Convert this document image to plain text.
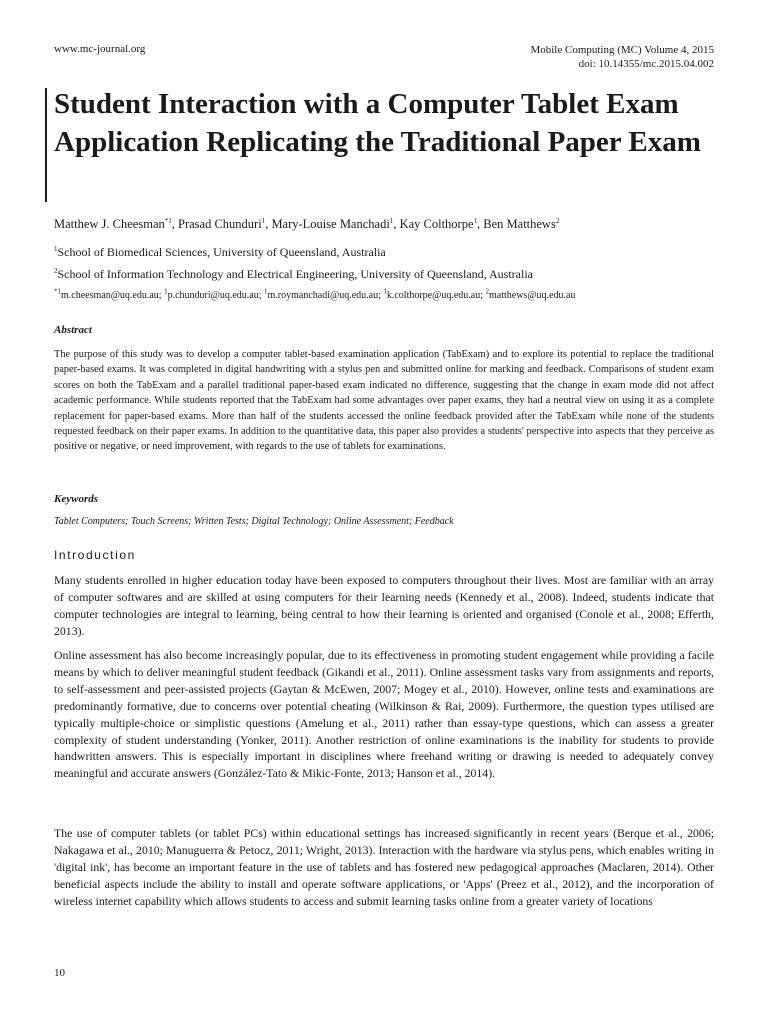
www.mc-journal.org	Mobile Computing (MC) Volume 4, 2015
doi: 10.14355/mc.2015.04.002
Student Interaction with a Computer Tablet Exam Application Replicating the Traditional Paper Exam
Matthew J. Cheesman$^{*1}$, Prasad Chunduri$^1$, Mary-Louise Manchadi$^1$, Kay Colthorpe$^1$, Ben Matthews$^2$
$^1$School of Biomedical Sciences, University of Queensland, Australia
$^2$School of Information Technology and Electrical Engineering, University of Queensland, Australia
$^{*1}$m.cheesman@uq.edu.au; $^1$p.chunduri@uq.edu.au; $^1$m.roymanchadi@uq.edu.au; $^1$k.colthorpe@uq.edu.au; $^2$matthews@uq.edu.au
Abstract

The purpose of this study was to develop a computer tablet-based examination application (TabExam) and to explore its potential to replace the traditional paper-based exams. It was completed in digital handwriting with a stylus pen and submitted online for marking and feedback. Comparisons of student exam scores on both the TabExam and a parallel traditional paper-based exam indicated no difference, suggesting that the change in exam mode did not affect academic performance. While students reported that the TabExam had some advantages over paper exams, they had a neutral view on using it as a complete replacement for paper-based exams. More than half of the students accessed the online feedback provided after the TabExam while none of the students requested feedback on their paper exams. In addition to the quantitative data, this paper also provides a students' perspective into aspects that they perceive as positive or negative, or need improvement, with regards to the use of tablets for examinations.

Keywords
Tablet Computers; Touch Screens; Written Tests; Digital Technology; Online Assessment; Feedback
Introduction

Many students enrolled in higher education today have been exposed to computers throughout their lives. Most are familiar with an array of computer softwares and are skilled at using computers for their learning needs (Kennedy et al., 2008). Indeed, students indicate that computer technologies are integral to learning, being central to how their learning is oriented and organised (Conole et al., 2008; Efferth, 2013).

Online assessment has also become increasingly popular, due to its effectiveness in promoting student engagement while providing a facile means by which to deliver meaningful student feedback (Gikandi et al., 2011). Online assessment tasks vary from assignments and reports, to self-assessment and peer-assisted projects (Gaytan & McEwen, 2007; Mogey et al., 2010). However, online tests and examinations are predominantly formative, due to concerns over potential cheating (Wilkinson & Rai, 2009). Furthermore, the question types utilised are typically multiple-choice or simplistic questions (Amelung et al., 2011) rather than essay-type questions, which can assess a greater complexity of student understanding (Yonker, 2011). Another restriction of online examinations is the inability for students to provide handwritten answers. This is especially important in disciplines where freehand writing or drawing is needed to adequately convey meaningful and accurate answers (González-Tato & Mikic-Fonte, 2013; Hanson et al., 2014).

The use of computer tablets (or tablet PCs) within educational settings has increased significantly in recent years (Berque et al., 2006; Nakagawa et al., 2010; Manuguerra & Petocz, 2011; Wright, 2013). Interaction with the hardware via stylus pens, which enables writing in 'digital ink', has become an important feature in the use of tablets and has fostered new pedagogical approaches (Maclaren, 2014). Other beneficial aspects include the ability to install and operate software applications, or 'Apps' (Preez et al., 2012), and the incorporation of wireless internet capability which allows students to access and submit learning tasks online from a greater variety of locations

10
